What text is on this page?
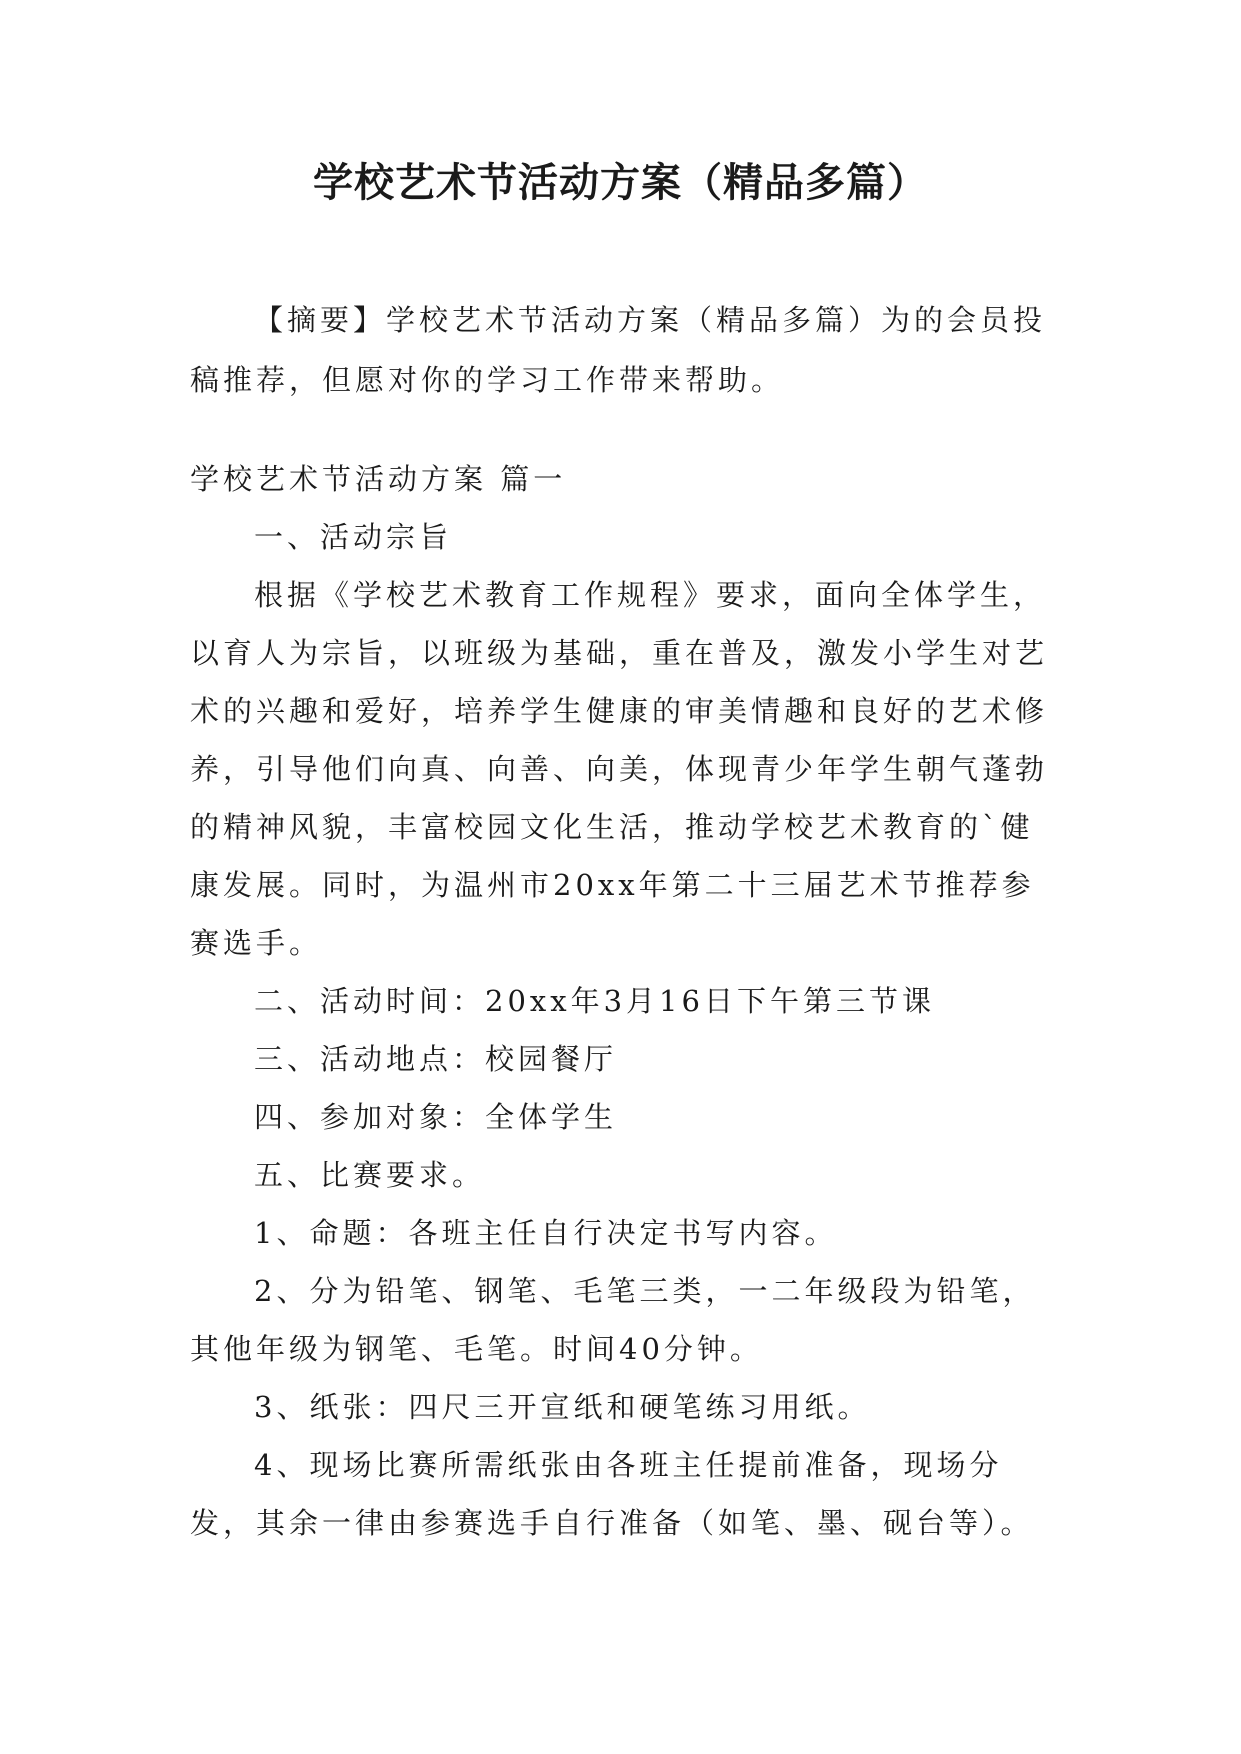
学校艺术节活动方案（精品多篇）

【摘要】学校艺术节活动方案（精品多篇）为的会员投稿推荐，但愿对你的学习工作带来帮助。

学校艺术节活动方案 篇一

一、活动宗旨

根据《学校艺术教育工作规程》要求，面向全体学生，以育人为宗旨，以班级为基础，重在普及，激发小学生对艺术的兴趣和爱好，培养学生健康的审美情趣和良好的艺术修养，引导他们向真、向善、向美，体现青少年学生朝气蓬勃的精神风貌，丰富校园文化生活，推动学校艺术教育的`健康发展。同时，为温州市20xx年第二十三届艺术节推荐参赛选手。

二、活动时间：20xx年3月16日下午第三节课

三、活动地点：校园餐厅

四、参加对象：全体学生

五、比赛要求。

1、命题：各班主任自行决定书写内容。

2、分为铅笔、钢笔、毛笔三类，一二年级段为铅笔，其他年级为钢笔、毛笔。时间40分钟。

3、纸张：四尺三开宣纸和硬笔练习用纸。

4、现场比赛所需纸张由各班主任提前准备，现场分发，其余一律由参赛选手自行准备（如笔、墨、砚台等）。
